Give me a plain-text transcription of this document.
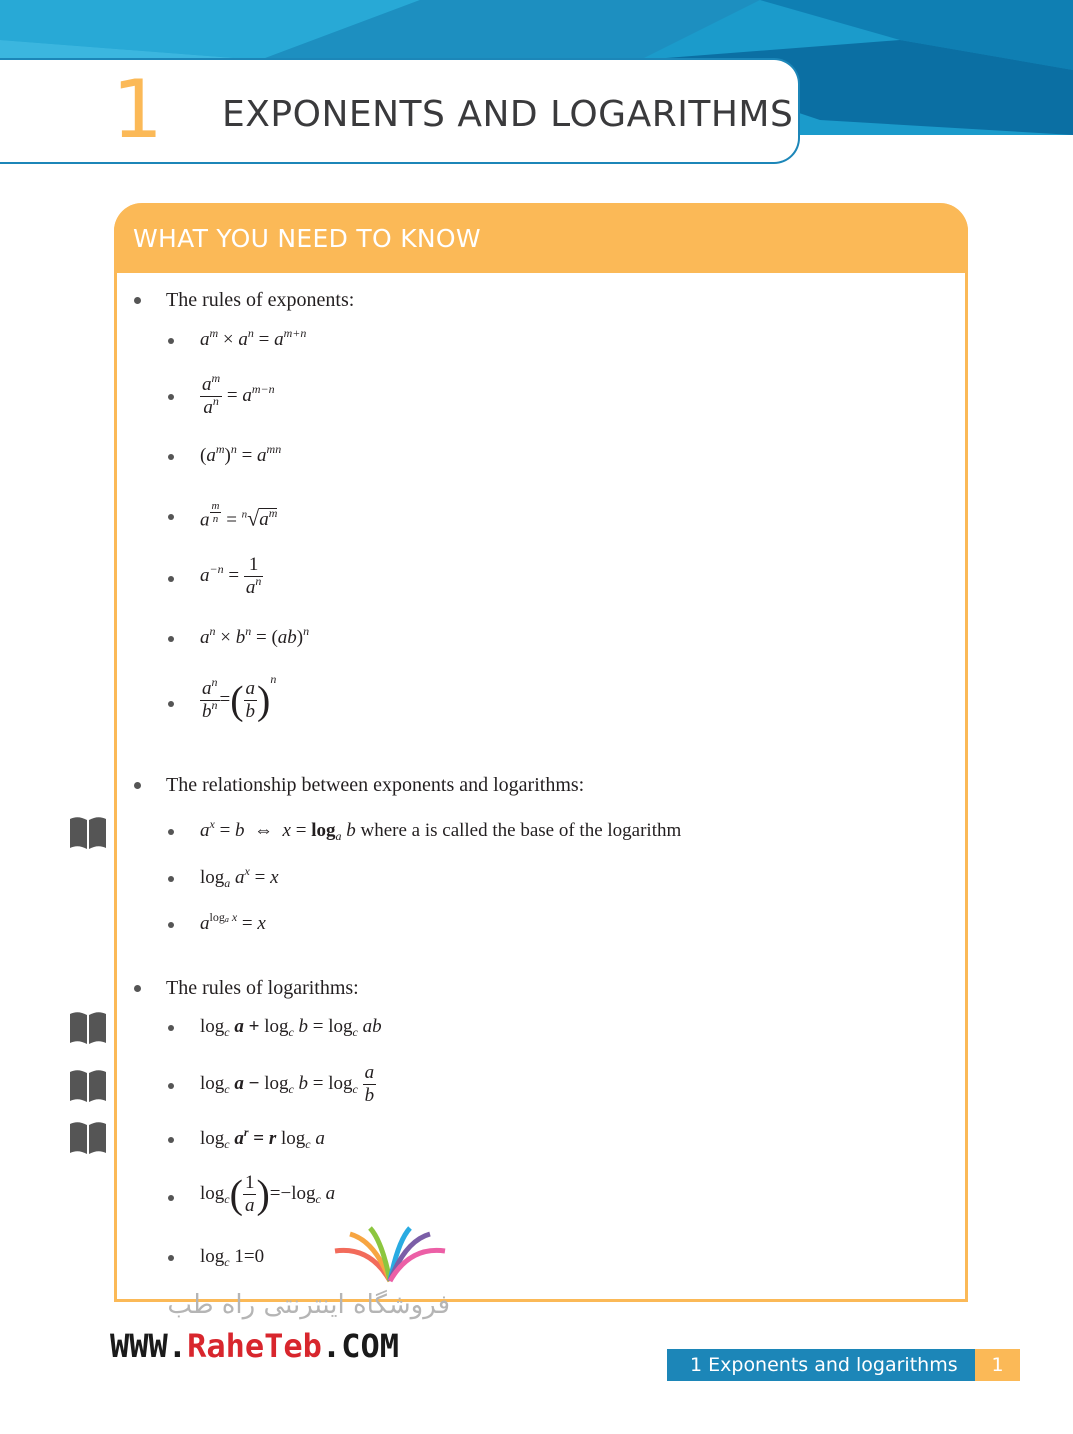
1 EXPONENTS AND LOGARITHMS
WHAT YOU NEED TO KNOW
The rules of exponents:
$a^m \times a^n = a^{m+n}$
$\frac{a^m}{a^n} = a^{m-n}$
$(a^m)^n = a^{mn}$
a $^{\frac{m}{n}} = ^n√a^m$
$a^{-n} = \frac{1}{a^n}$
$a^n \times b^n = (ab)^n$
$\frac{a^n}{b^n}$ =( $\frac{a}{b} )^n$
The relationship between exponents and logarithms:
$a^x = b$  ⇔  $x = \log_a b$ where a is called the base of the logarithm
$\log_a a^x = x$
$a^{log_a x} = x$
The rules of logarithms:
$\log_c a + \log_c b = \log_c$ ab
$\log_c a - \log_c b = \log_c \frac{a}{b}$
$\log_c a^r = r$ $\log_c a$
$\log_c( \frac{1}{a} )=-\log_c$ a
$\log_c 1=0$
فروشگاه اینترنتی راه طب
WWW.RaheTeb.COM	1 Exponents and logarithms	1
